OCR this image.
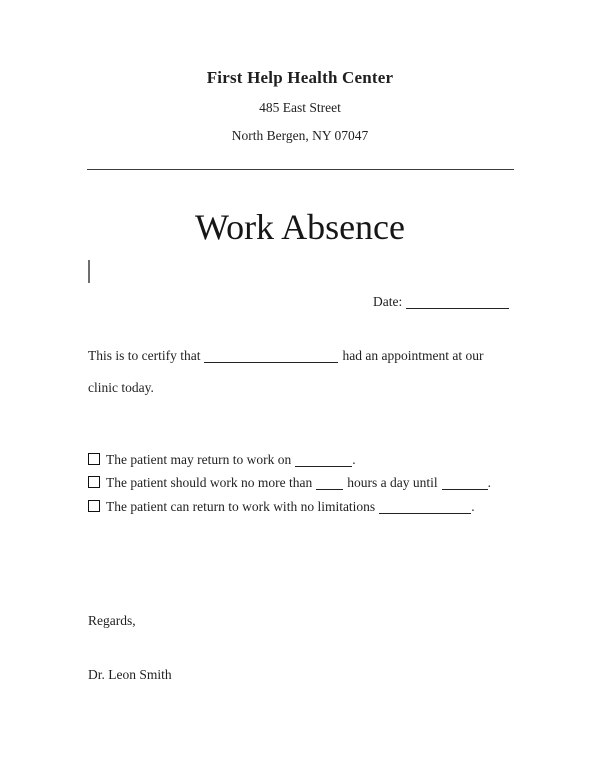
First Help Health Center
485 East Street
North Bergen, NY 07047
Work Absence
Date:
This is to certify that	had an appointment at our
clinic today.
The patient may return to work on	.
The patient should work no more than	hours a day until	.
The patient can return to work with no limitations	.
Regards,
Dr. Leon Smith
